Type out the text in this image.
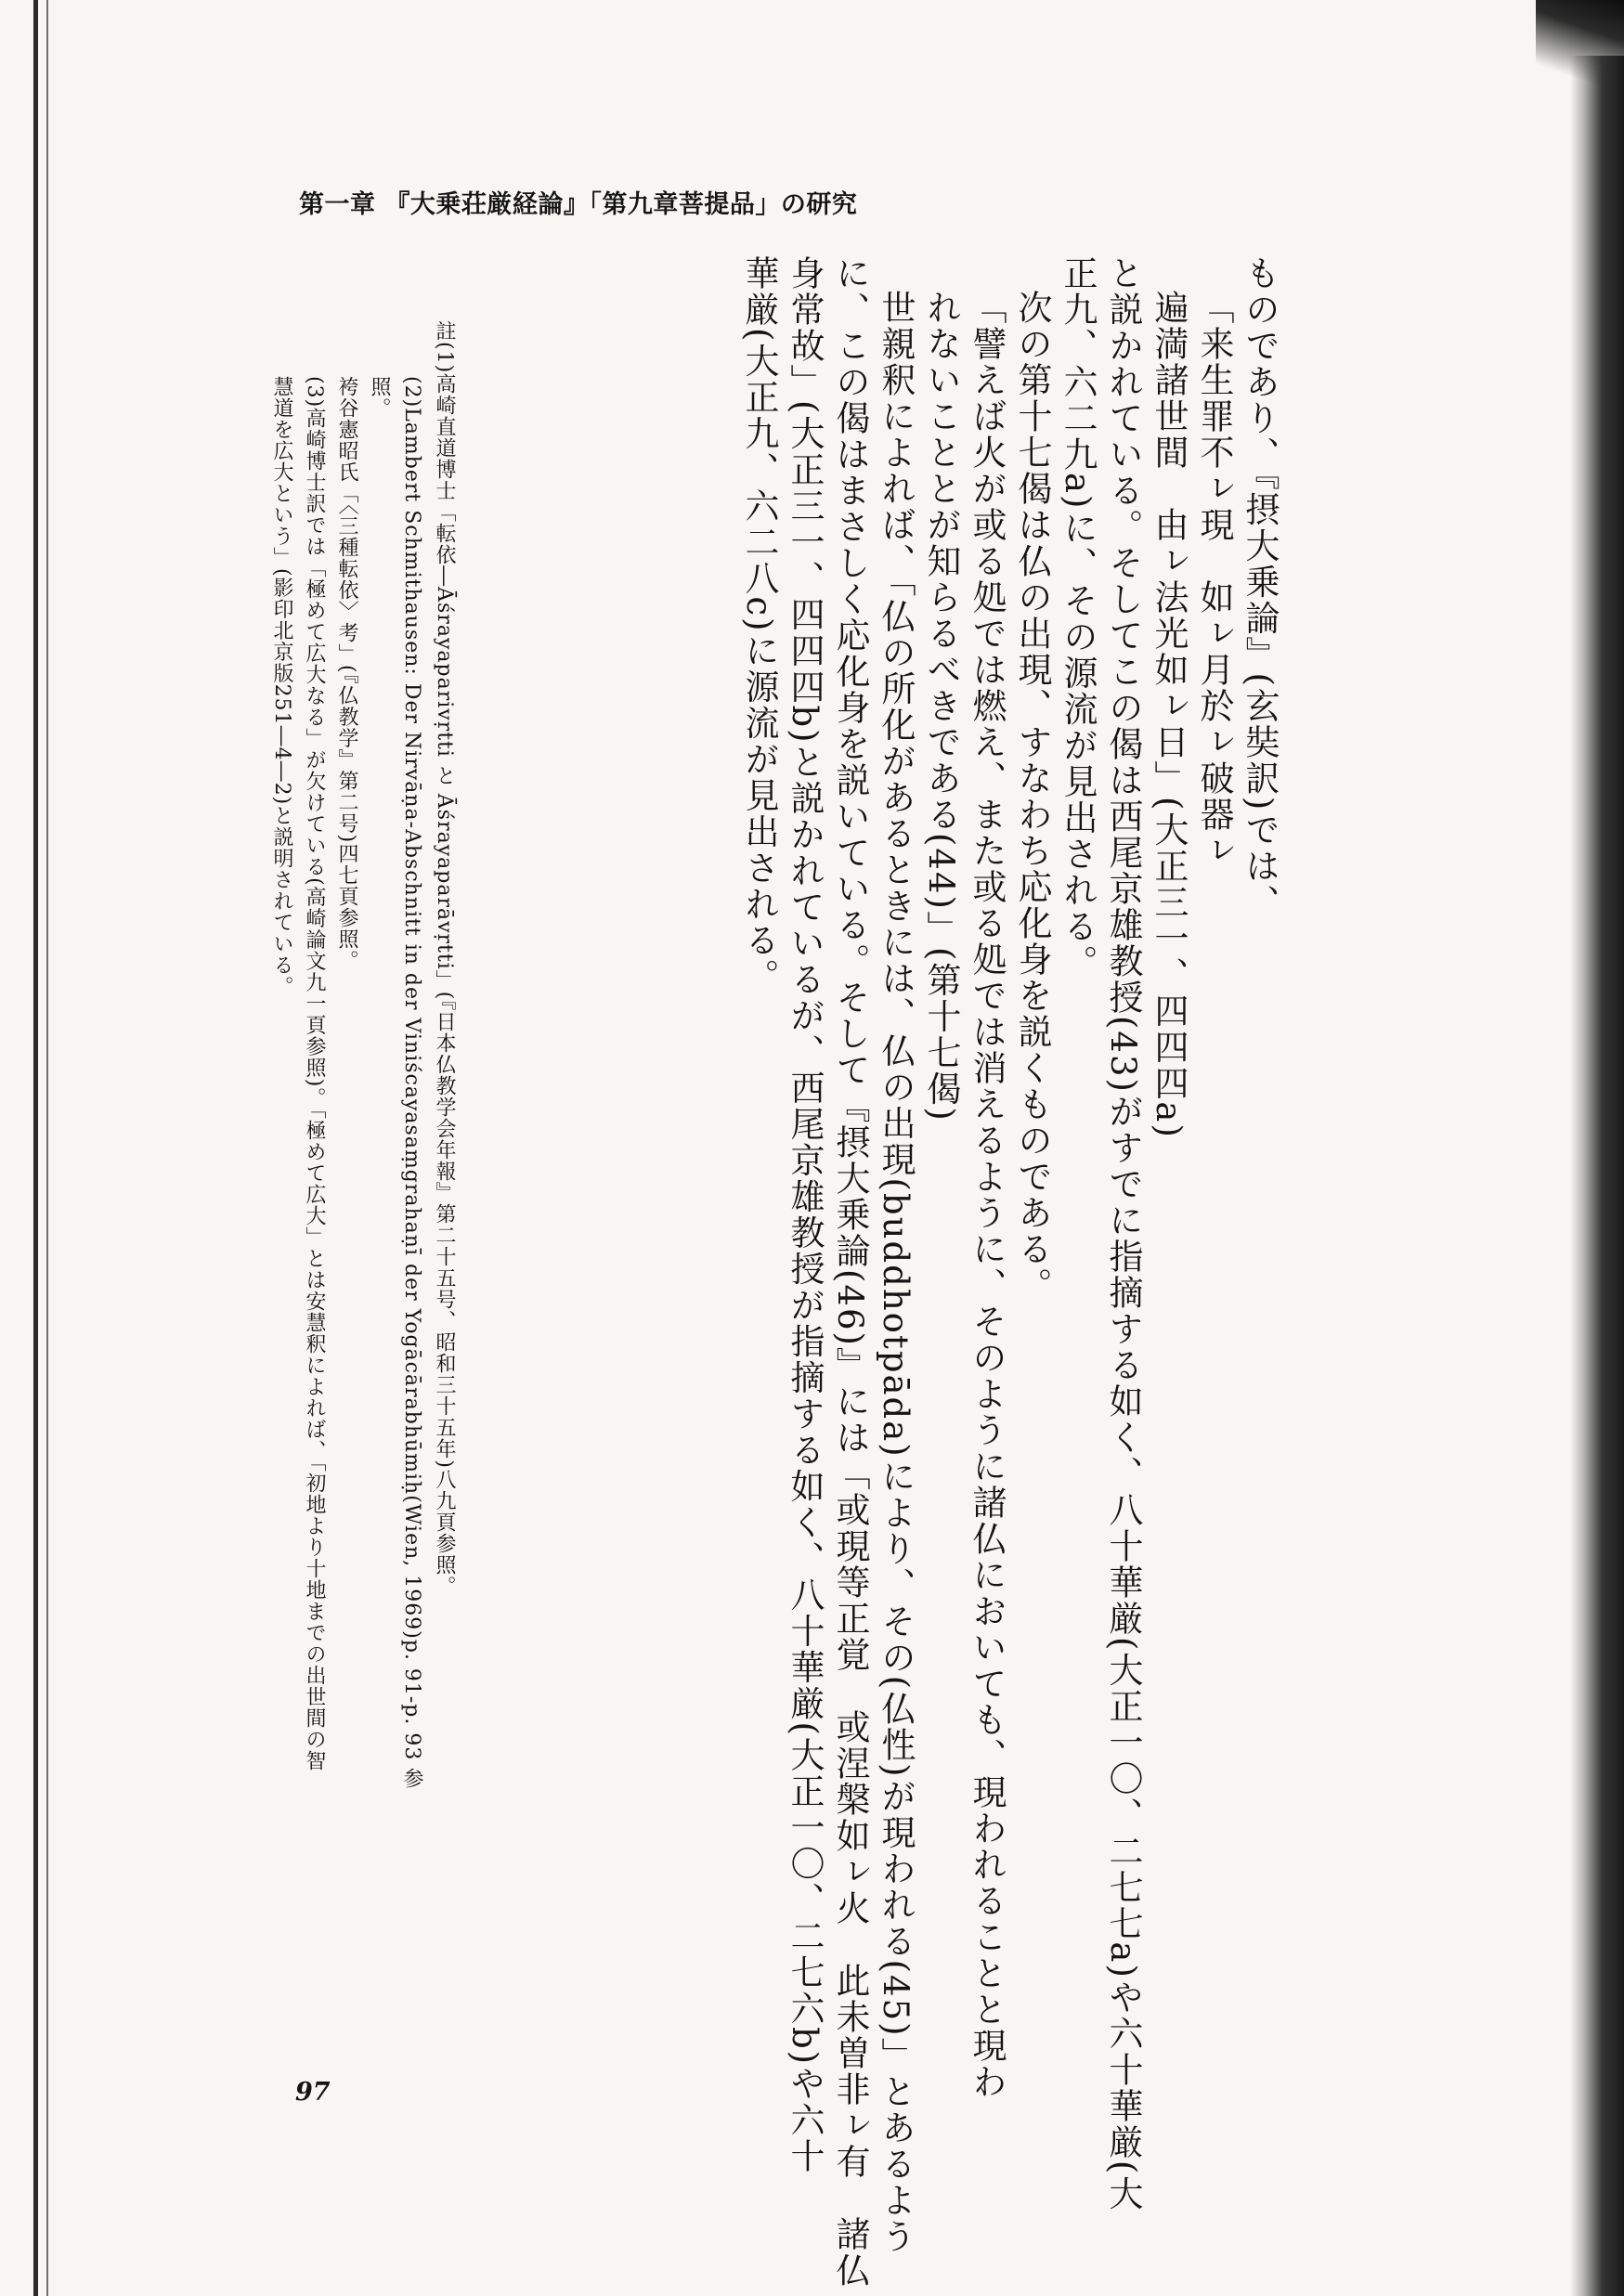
第一章 『大乗荘厳経論』「第九章菩提品」の研究

ものであり、『摂大乗論』(玄奘訳)では、

「来生罪不ㇾ現　如ㇾ月於ㇾ破器ㇾ

遍満諸世間　由ㇾ法光如ㇾ日」(大正三一、四四四a)

と説かれている。そしてこの偈は西尾京雄教授(43)がすでに指摘する如く、八十華厳(大正一〇、二七七a)や六十華厳(大

正九、六二九a)に、その源流が見出される。

次の第十七偈は仏の出現、すなわち応化身を説くものである。

「譬えば火が或る処では燃え、また或る処では消えるように、そのように諸仏においても、現われることと現わ

れないこととが知らるべきである(44)」(第十七偈)

世親釈によれば、「仏の所化があるときには、仏の出現(buddhotpāda)により、その(仏性)が現われる(45)」とあるよう

に、この偈はまさしく応化身を説いている。そして『摂大乗論(46)』には「或現等正覚　或涅槃如ㇾ火　此未曽非ㇾ有　諸仏

身常故」(大正三一、四四四b)と説かれているが、西尾京雄教授が指摘する如く、八十華厳(大正一〇、二七六b)や六十

華厳(大正九、六二八c)に源流が見出される。

註(1)高崎直道博士「転依―Āśrayaparivṛtti と Āśrayaparāvṛtti」(『日本仏教学会年報』第二十五号、昭和三十五年)八九頁参照。

(2)Lambert Schmithausen: Der Nirvāṇa-Abschnitt in der Viniścayasaṃgrahaṇī der Yogācārabhūmiḥ(Wien, 1969)p. 91-p. 93 参

照。

袴谷憲昭氏「〈三種転依〉考」(『仏教学』第二号)四七頁参照。

(3)高崎博士訳では「極めて広大なる」が欠けている(高崎論文九一頁参照)。「極めて広大」とは安慧釈によれば、「初地より十地までの出世間の智

慧道を広大という」(影印北京版251―4―2)と説明されている。

97
